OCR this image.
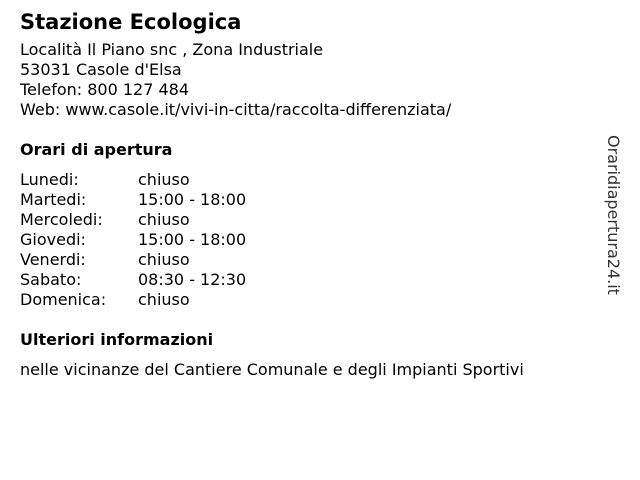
Stazione Ecologica
Località Il Piano snc , Zona Industriale
53031 Casole d'Elsa
Telefon: 800 127 484
Web: www.casole.it/vivi-in-citta/raccolta-differenziata/
Orari di apertura
Lunedi:	chiuso
Martedi:	15:00 - 18:00
Mercoledi:	chiuso
Giovedi:	15:00 - 18:00
Venerdi:	chiuso
Sabato:	08:30 - 12:30
Domenica:	chiuso
Ulteriori informazioni
nelle vicinanze del Cantiere Comunale e degli Impianti Sportivi
Oraridiapertura24.it
